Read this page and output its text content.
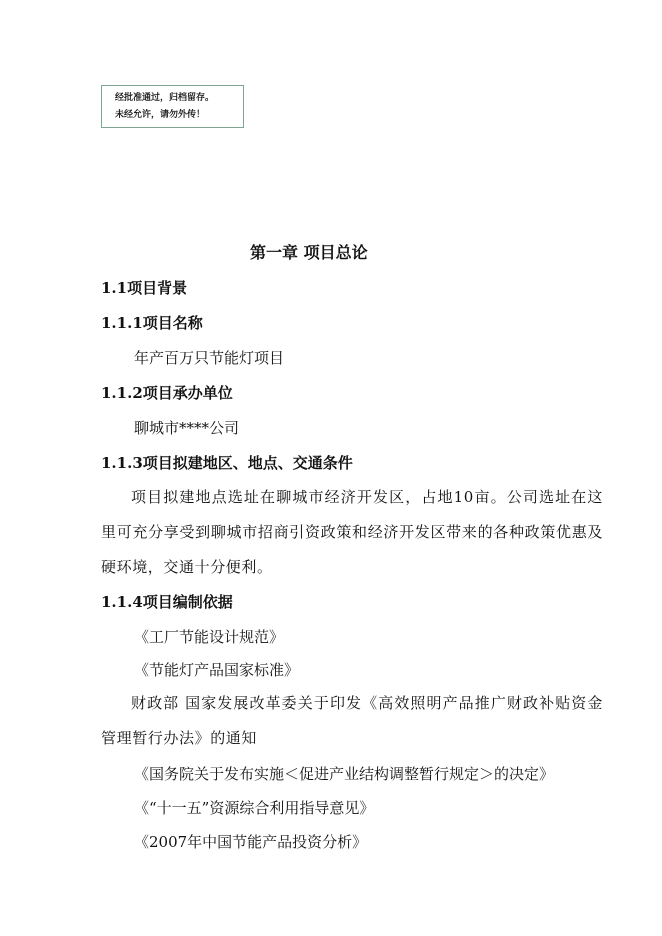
经批准通过，归档留存。
未经允许，请勿外传！
第一章 项目总论
1.1项目背景
1.1.1项目名称
年产百万只节能灯项目
1.1.2项目承办单位
聊城市****公司
1.1.3项目拟建地区、地点、交通条件
项目拟建地点选址在聊城市经济开发区，占地10亩。公司选址在这里可充分享受到聊城市招商引资政策和经济开发区带来的各种政策优惠及硬环境，交通十分便利。
1.1.4项目编制依据
《工厂节能设计规范》
《节能灯产品国家标准》
财政部 国家发展改革委关于印发《高效照明产品推广财政补贴资金管理暂行办法》的通知
《国务院关于发布实施＜促进产业结构调整暂行规定＞的决定》
《“十一五”资源综合利用指导意见》
《2007年中国节能产品投资分析》
